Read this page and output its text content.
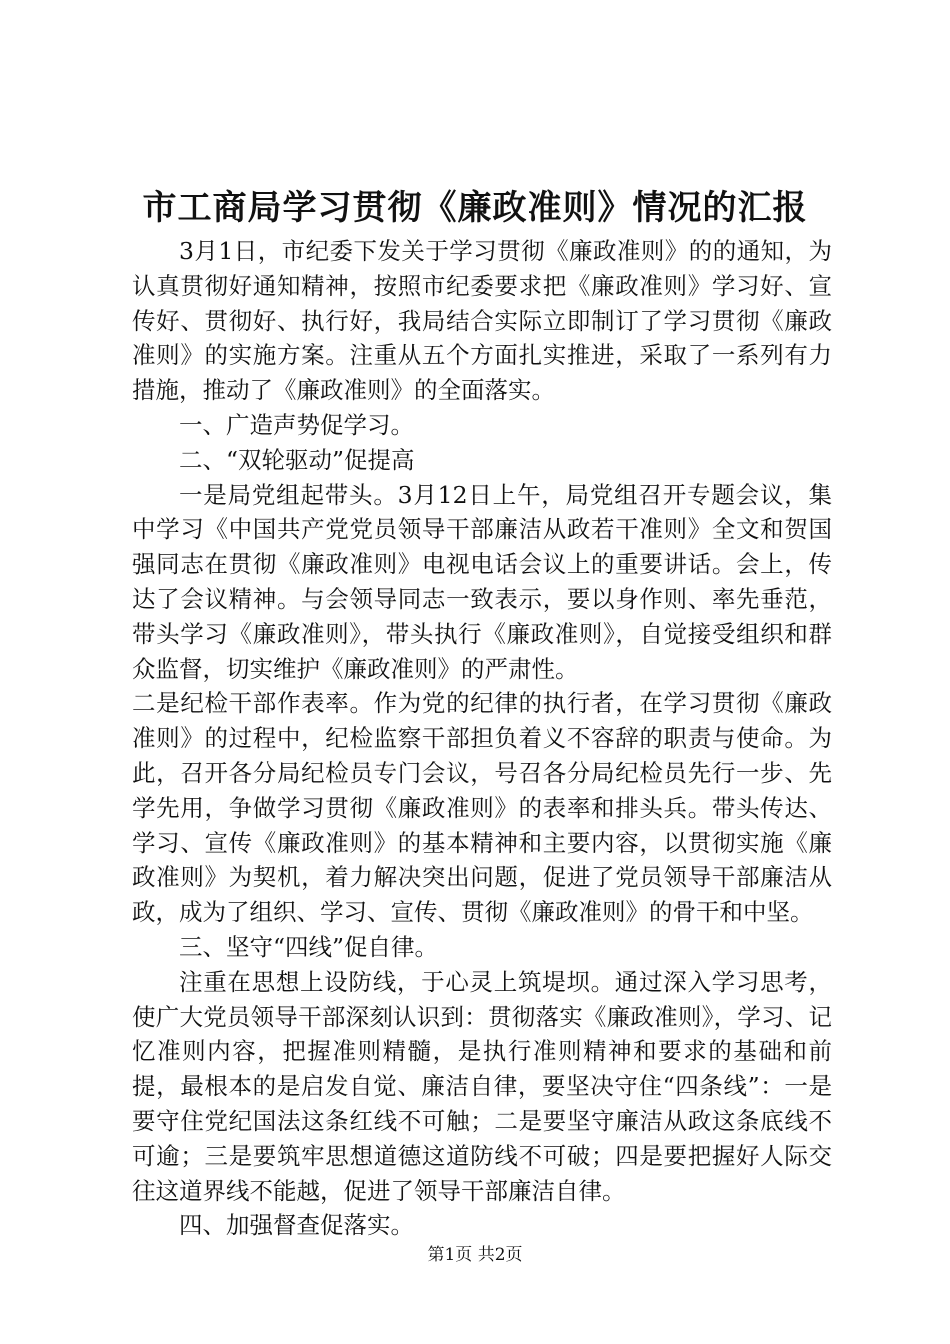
市工商局学习贯彻《廉政准则》情况的汇报

3月1日，市纪委下发关于学习贯彻《廉政准则》的的通知，为认真贯彻好通知精神，按照市纪委要求把《廉政准则》学习好、宣传好、贯彻好、执行好，我局结合实际立即制订了学习贯彻《廉政准则》的实施方案。注重从五个方面扎实推进，采取了一系列有力措施，推动了《廉政准则》的全面落实。

一、广造声势促学习。

二、“双轮驱动”促提高

一是局党组起带头。3月12日上午，局党组召开专题会议，集中学习《中国共产党党员领导干部廉洁从政若干准则》全文和贺国强同志在贯彻《廉政准则》电视电话会议上的重要讲话。会上，传达了会议精神。与会领导同志一致表示，要以身作则、率先垂范，带头学习《廉政准则》，带头执行《廉政准则》，自觉接受组织和群众监督，切实维护《廉政准则》的严肃性。

二是纪检干部作表率。作为党的纪律的执行者，在学习贯彻《廉政准则》的过程中，纪检监察干部担负着义不容辞的职责与使命。为此，召开各分局纪检员专门会议，号召各分局纪检员先行一步、先学先用，争做学习贯彻《廉政准则》的表率和排头兵。带头传达、学习、宣传《廉政准则》的基本精神和主要内容，以贯彻实施《廉政准则》为契机，着力解决突出问题，促进了党员领导干部廉洁从政，成为了组织、学习、宣传、贯彻《廉政准则》的骨干和中坚。

三、坚守“四线”促自律。

注重在思想上设防线，于心灵上筑堤坝。通过深入学习思考，使广大党员领导干部深刻认识到：贯彻落实《廉政准则》，学习、记忆准则内容，把握准则精髓，是执行准则精神和要求的基础和前提，最根本的是启发自觉、廉洁自律，要坚决守住“四条线”：一是要守住党纪国法这条红线不可触；二是要坚守廉洁从政这条底线不可逾；三是要筑牢思想道德这道防线不可破；四是要把握好人际交往这道界线不能越，促进了领导干部廉洁自律。

四、加强督查促落实。

第1页 共2页
